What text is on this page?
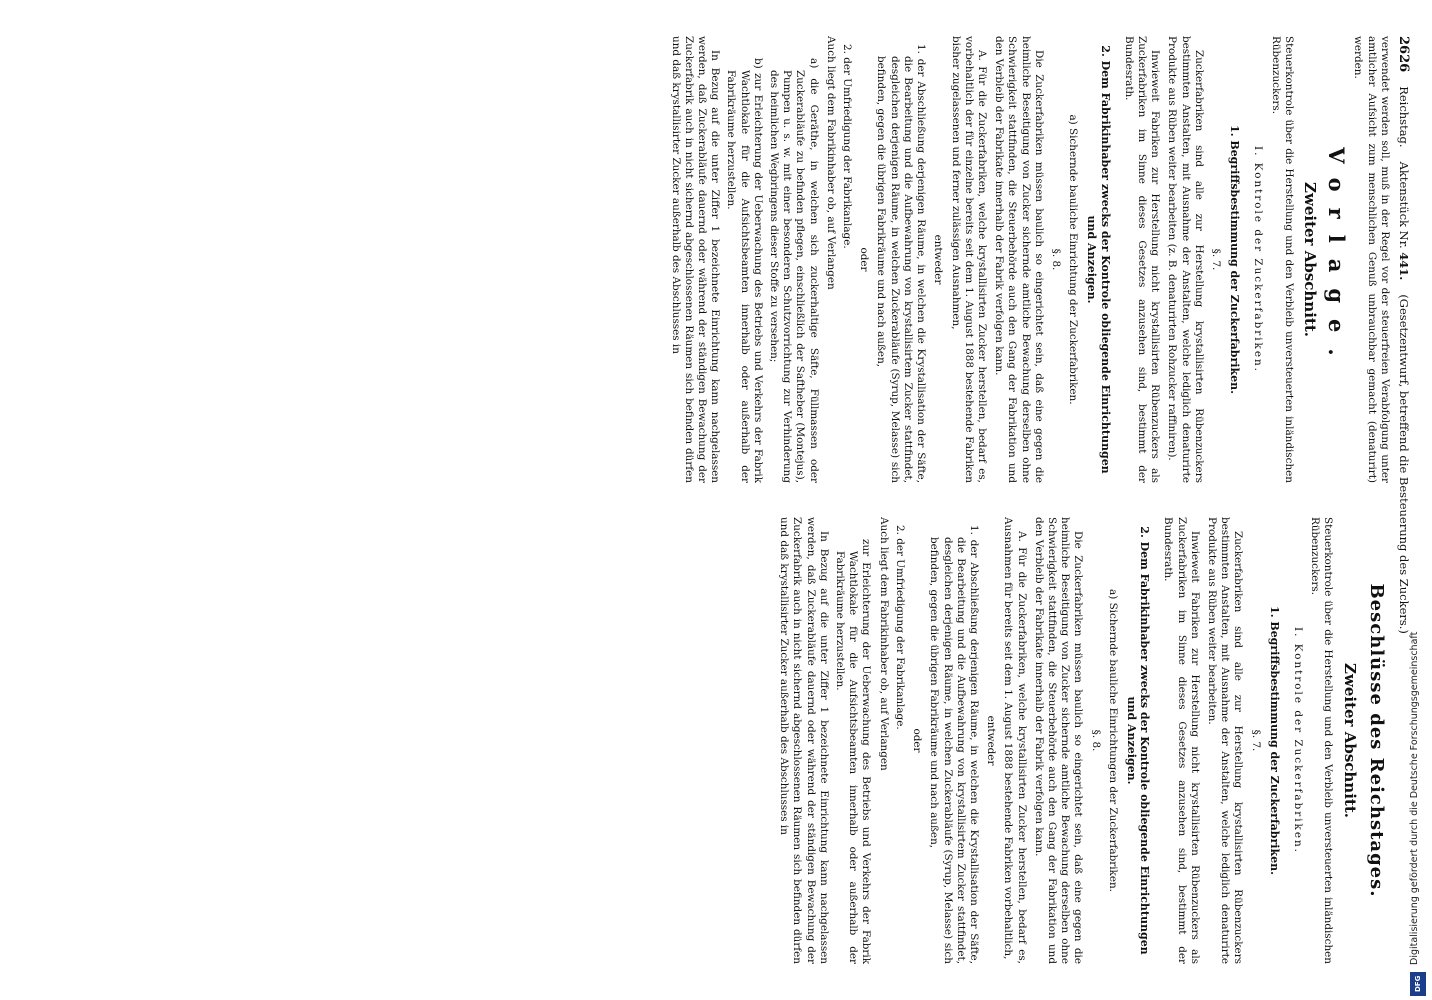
2626
Reichstag.
Aktenstück Nr. 441.
(Gesetzentwurf, betreffend die Besteuerung des Zuckers.)

verwendet werden soll, muß in der Regel vor der steuerfreien Verabfolgung unter amtlicher Aufsicht zum menschlichen Genuß unbrauchbar gemacht (denaturirt) werden.

Vorlage.
Zweiter Abschnitt.

Steuerkontrole über die Herstellung und den Verbleib unversteuerten inländischen Rübenzuckers.

I. Kontrole der Zuckerfabriken.
1. Begriffsbestimmung der Zuckerfabriken.
§. 7.

Zuckerfabriken sind alle zur Herstellung krystallisirten Rübenzuckers bestimmten Anstalten, mit Ausnahme der Anstalten, welche lediglich denaturirte Produkte aus Rüben weiter bearbeiten (z. B. denaturirten Rohzucker raffiniren).

Inwieweit Fabriken zur Herstellung nicht krystallisirten Rübenzuckers als Zuckerfabriken im Sinne dieses Gesetzes anzusehen sind, bestimmt der Bundesrath.

2. Dem Fabrikinhaber zwecks der Kontrole obliegende Einrichtungen und Anzeigen.
a) Sichernde bauliche Einrichtung der Zuckerfabriken.
§. 8.

Die Zuckerfabriken müssen baulich so eingerichtet sein, daß eine gegen die heimliche Beseitigung von Zucker sichernde amtliche Bewachung derselben ohne Schwierigkeit stattfinden, die Steuerbehörde auch den Gang der Fabrikation und den Verbleib der Fabrikate innerhalb der Fabrik verfolgen kann.

A. Für die Zuckerfabriken, welche krystallisirten Zucker herstellen, bedarf es, vorbehaltlich der für einzelne bereits seit dem 1. August 1888 bestehende Fabriken bisher zugelassenen und ferner zulässigen Ausnahmen,

entweder
1. der Abschließung derjenigen Räume, in welchen die Krystallisation der Säfte, die Bearbeitung und die Aufbewahrung von krystallisirtem Zucker stattfindet, desgleichen derjenigen Räume, in welchen Zuckerabläufe (Syrup, Melasse) sich befinden, gegen die übrigen Fabrikräume und nach außen,
oder
2. der Umfriedigung der Fabrikanlage.

Auch liegt dem Fabrikinhaber ob, auf Verlangen

a) die Geräthe, in welchen sich zuckerhaltige Säfte, Füllmassen oder Zuckerabläufe zu befinden pflegen, einschließlich der Saftheber (Montejus), Pumpen u. s. w. mit einer besonderen Schutzvorrichtung zur Verhinderung des heimlichen Wegbringens dieser Stoffe zu versehen;
b) zur Erleichterung der Ueberwachung des Betriebs und Verkehrs der Fabrik Wachtlokale für die Aufsichtsbeamten innerhalb oder außerhalb der Fabrikräume herzustellen.

In Bezug auf die unter Ziffer 1 bezeichnete Einrichtung kann nachgelassen werden, daß Zuckerabläufe dauernd oder während der ständigen Bewachung der Zuckerfabrik auch in nicht sichernd abgeschlossenen Räumen sich befinden dürfen und daß krystallisirter Zucker außerhalb des Abschlusses in

Beschlüsse des Reichstages.
Zweiter Abschnitt.

Steuerkontrole über die Herstellung und den Verbleib unversteuerten inländischen Rübenzuckers.

I. Kontrole der Zuckerfabriken.
1. Begriffsbestimmung der Zuckerfabriken.
§. 7.

Zuckerfabriken sind alle zur Herstellung krystallisirten Rübenzuckers bestimmten Anstalten, mit Ausnahme der Anstalten, welche lediglich denaturirte Produkte aus Rüben weiter bearbeiten.

Inwieweit Fabriken zur Herstellung nicht krystallisirten Rübenzuckers als Zuckerfabriken im Sinne dieses Gesetzes anzusehen sind, bestimmt der Bundesrath.

2. Dem Fabrikinhaber zwecks der Kontrole obliegende Einrichtungen und Anzeigen.
a) Sichernde bauliche Einrichtungen der Zuckerfabriken.
§. 8.

Die Zuckerfabriken müssen baulich so eingerichtet sein, daß eine gegen die heimliche Beseitigung von Zucker sichernde amtliche Bewachung derselben ohne Schwierigkeit stattfinden, die Steuerbehörde auch den Gang der Fabrikation und den Verbleib der Fabrikate innerhalb der Fabrik verfolgen kann.

A. Für die Zuckerfabriken, welche krystallisirten Zucker herstellen, bedarf es, Ausnahmen für bereits seit dem 1. August 1888 bestehende Fabriken vorbehaltlich,

entweder
1. der Abschließung derjenigen Räume, in welchen die Krystallisation der Säfte, die Bearbeitung und die Aufbewahrung von krystallisirtem Zucker stattfindet, desgleichen derjenigen Räume, in welchen Zuckerabläufe (Syrup, Melasse) sich befinden, gegen die übrigen Fabrikräume und nach außen,
oder
2. der Umfriedigung der Fabrikanlage.

Auch liegt dem Fabrikinhaber ob, auf Verlangen

zur Erleichterung der Ueberwachung des Betriebs und Verkehrs der Fabrik Wachtlokale für die Aufsichtsbeamten innerhalb oder außerhalb der Fabrikräume herzustellen.

In Bezug auf die unter Ziffer 1 bezeichnete Einrichtung kann nachgelassen werden, daß Zuckerabläufe dauernd oder während der ständigen Bewachung der Zuckerfabrik auch in nicht sichernd abgeschlossenen Räumen sich befinden dürfen und daß krystallisirter Zucker außerhalb des Abschlusses in	Digitalisierung gefördert durch die Deutsche Forschungsgemeinschaft
DFG
